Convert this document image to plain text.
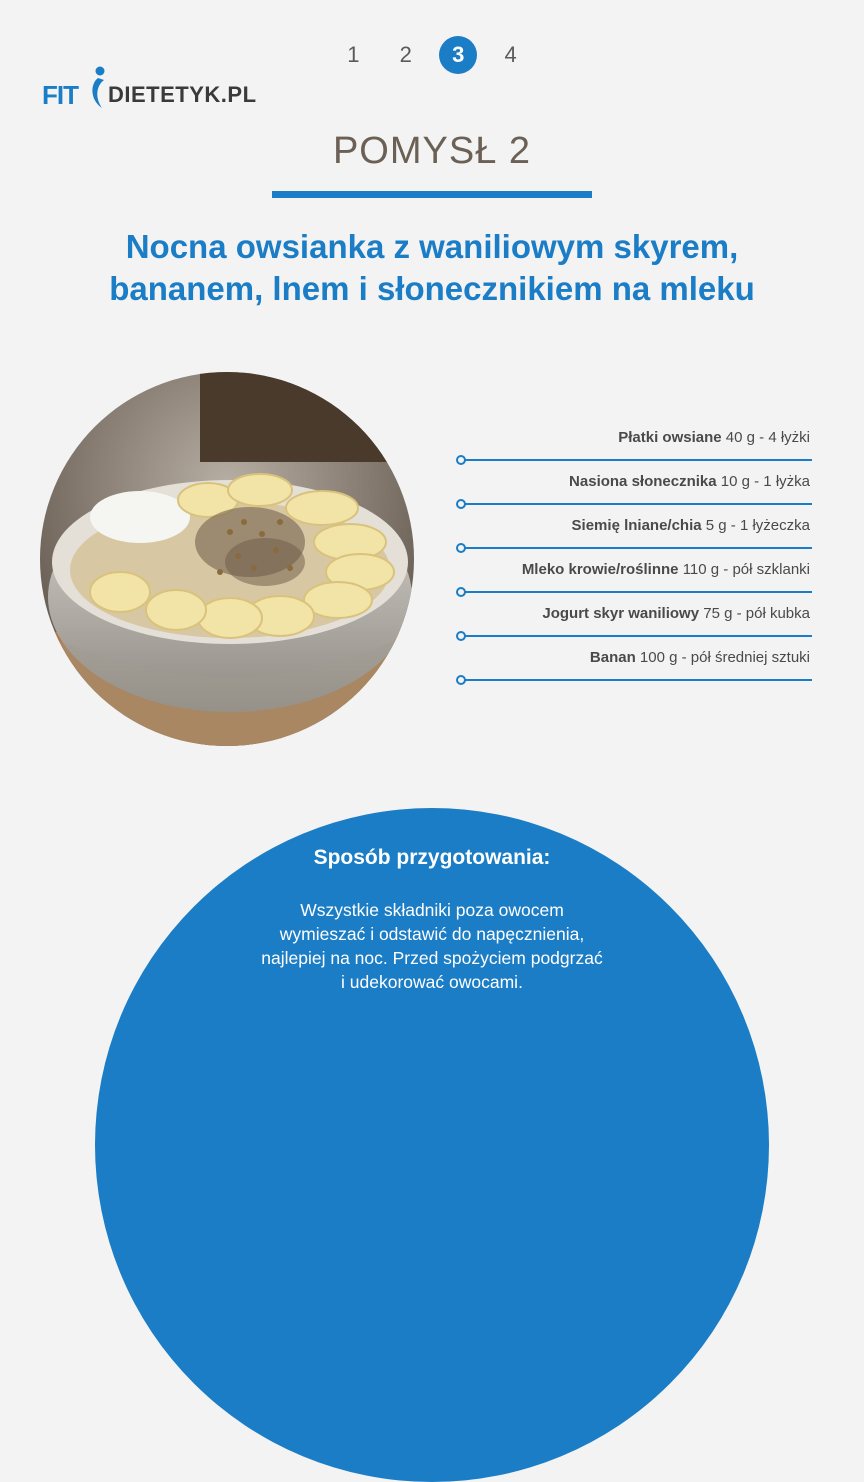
1 2 3 4
FIT DIETETYK.PL
POMYSŁ 2
Nocna owsianka z waniliowym skyrem,
bananem, lnem i słonecznikiem na mleku
Płatki owsiane 40 g - 4 łyżki
Nasiona słonecznika 10 g - 1 łyżka
Siemię lniane/chia 5 g - 1 łyżeczka
Mleko krowie/roślinne 110 g - pół szklanki
Jogurt skyr waniliowy 75 g - pół kubka
Banan 100 g - pół średniej sztuki
Sposób przygotowania:
Wszystkie składniki poza owocem
wymieszać i odstawić do napęcznienia,
najlepiej na noc. Przed spożyciem podgrzać
i udekorować owocami.
